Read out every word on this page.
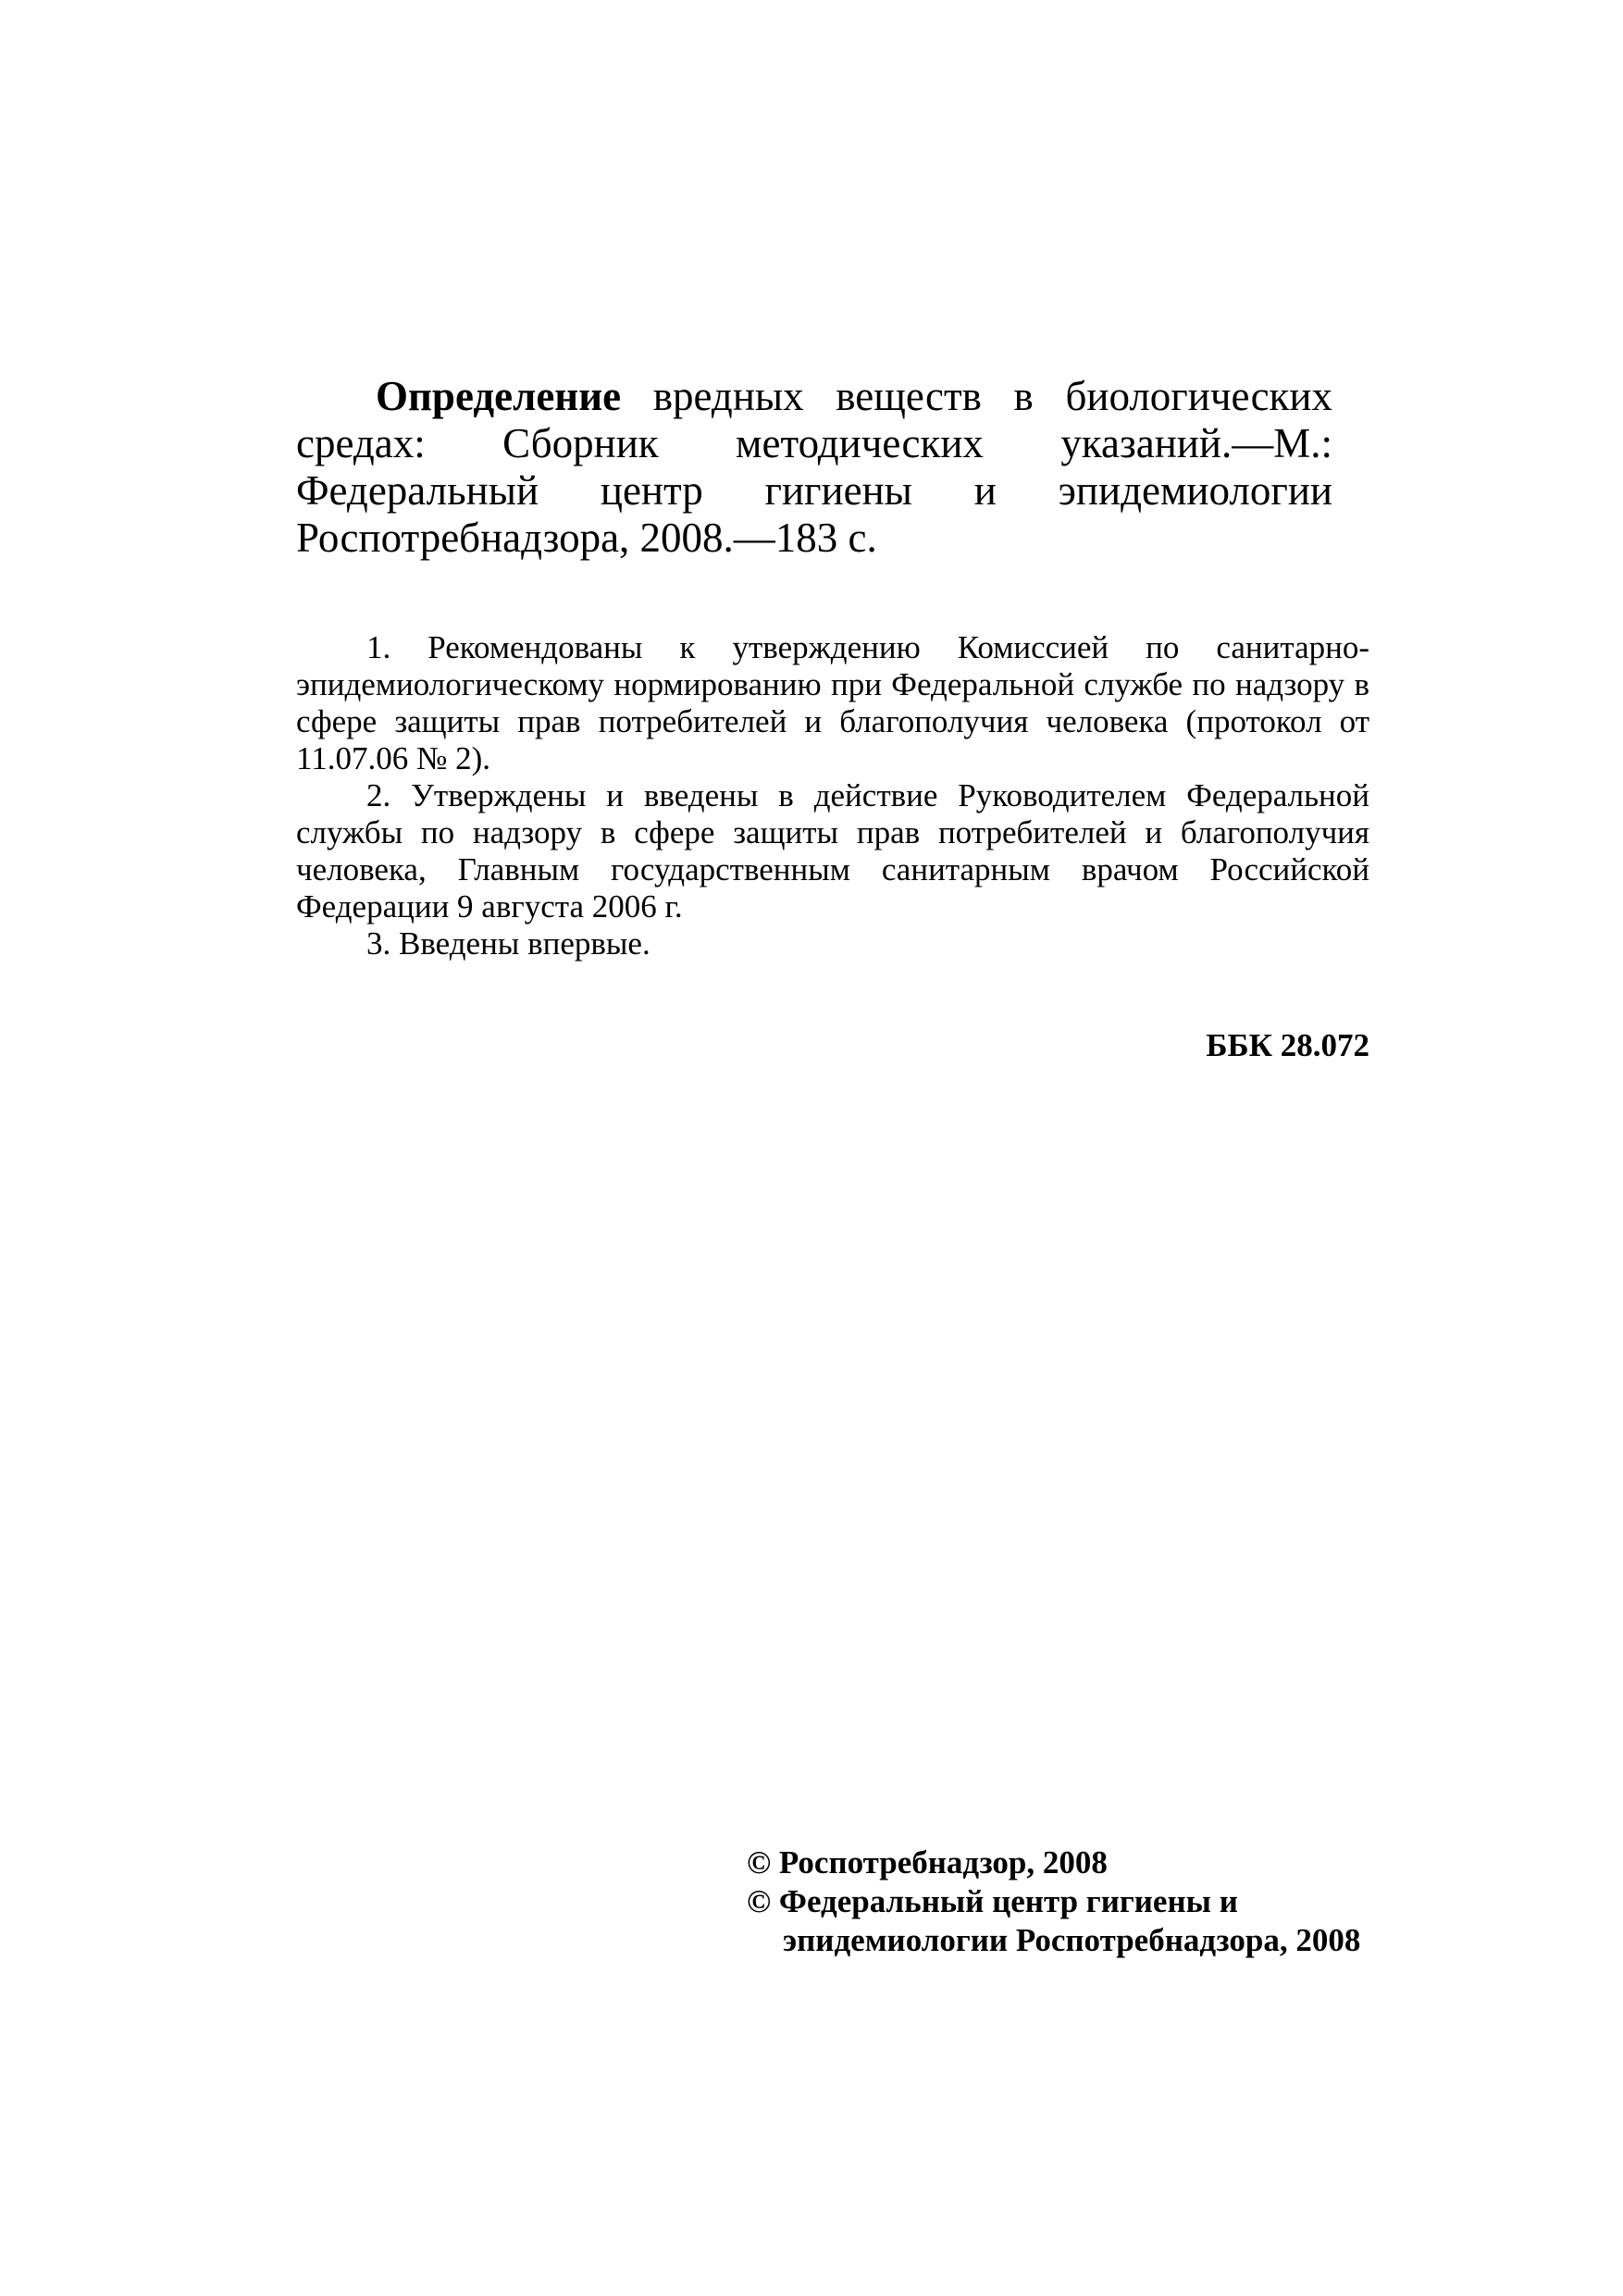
Определение вредных веществ в биологических средах: Сборник методических указаний.—М.: Федеральный центр гигиены и эпидемиологии Роспотребнадзора, 2008.—183 с.

1. Рекомендованы к утверждению Комиссией по санитарно-эпидемиологическому нормированию при Федеральной службе по надзору в сфере защиты прав потребителей и благополучия человека (протокол от 11.07.06 № 2).

2. Утверждены и введены в действие Руководителем Федеральной службы по надзору в сфере защиты прав потребителей и благополучия человека, Главным государственным санитарным врачом Российской Федерации 9 августа 2006 г.

3. Введены впервые.

ББК 28.072

© Роспотребнадзор, 2008

© Федеральный центр гигиены и

эпидемиологии Роспотребнадзора, 2008
